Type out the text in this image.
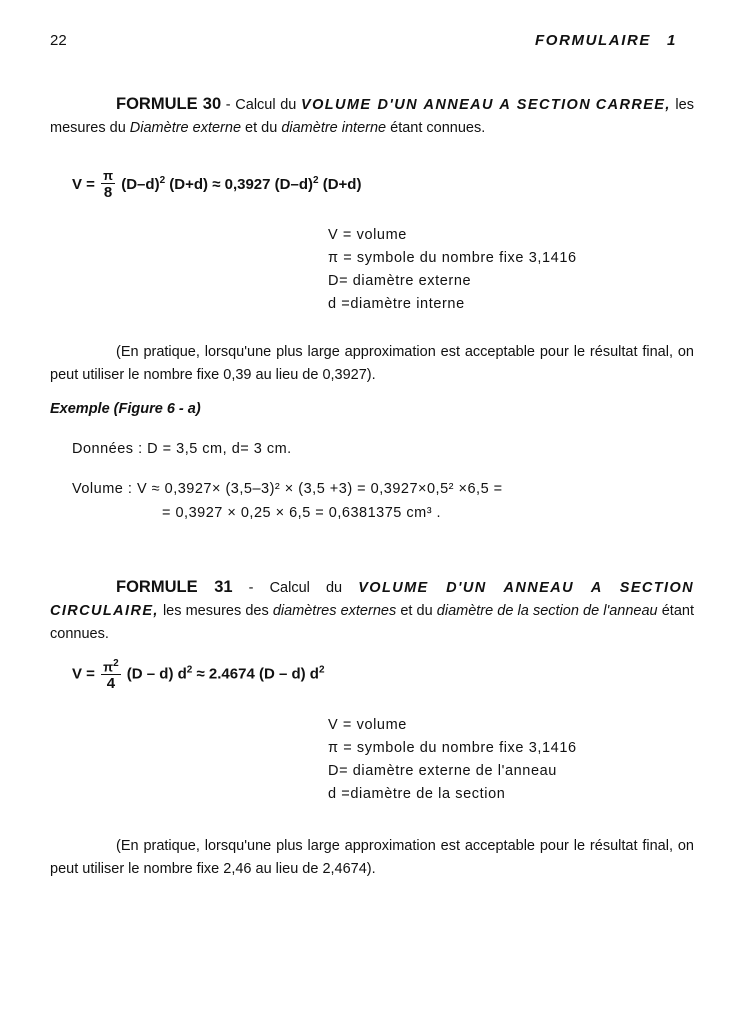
22	FORMULAIRE 1
FORMULE 30 - Calcul du VOLUME D'UN ANNEAU A SECTION CARREE, les mesures du Diamètre externe et du diamètre interne étant connues.
$V = \frac{\pi}{8} (D-d)^2$ (D+d) ≈ 0,3927 $(D-d)^2$ (D+d)
V = volume
π = symbole du nombre fixe 3,1416
D= diamètre externe
d =diamètre interne
(En pratique, lorsqu'une plus large approximation est acceptable pour le résultat final, on peut utiliser le nombre fixe 0,39 au lieu de 0,3927).
Exemple (Figure 6 - a)
Données : D = 3,5 cm, d= 3 cm.
Volume : V ≈ 0,3927× (3,5–3)² × (3,5 +3) = 0,3927×0,5² ×6,5 =
= 0,3927 × 0,25 × 6,5 = 0,6381375 cm³ .
FORMULE 31 - Calcul du VOLUME D'UN ANNEAU A SECTION CIRCULAIRE, les mesures des diamètres externes et du diamètre de la section de l'anneau étant connues.
$V = \frac{\pi^2}{4} (D - d) d^2 \approx 2.4674$ (D – d) $d^2$
V = volume
π = symbole du nombre fixe 3,1416
D= diamètre externe de l'anneau
d =diamètre de la section
(En pratique, lorsqu'une plus large approximation est acceptable pour le résultat final, on peut utiliser le nombre fixe 2,46 au lieu de 2,4674).
